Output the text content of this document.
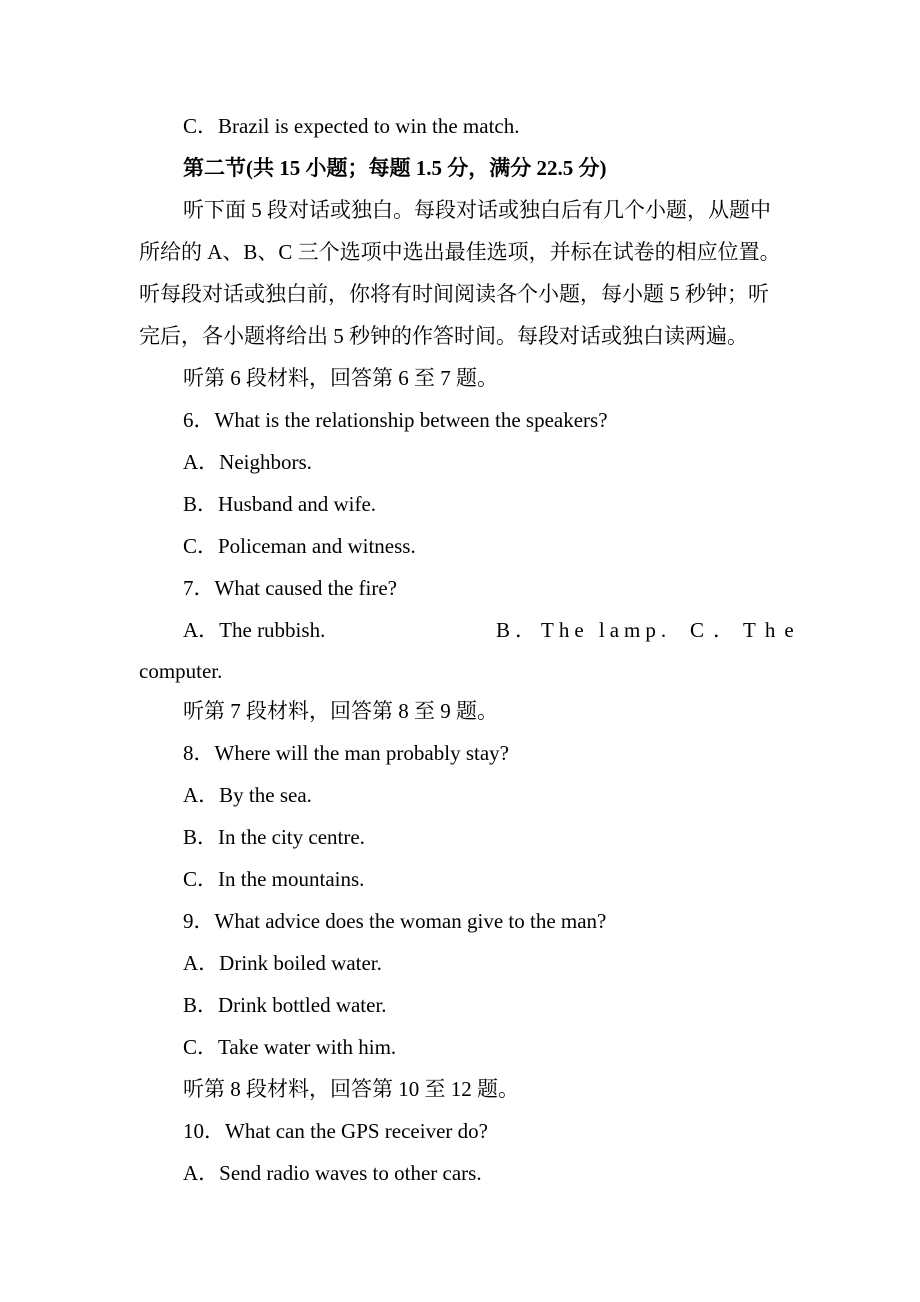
C．Brazil is expected to win the match.
第二节(共 15 小题；每题 1.5 分，满分 22.5 分)
听下面 5 段对话或独白。每段对话或独白后有几个小题，从题中
所给的 A、B、C 三个选项中选出最佳选项，并标在试卷的相应位置。
听每段对话或独白前，你将有时间阅读各个小题，每小题 5 秒钟；听
完后，各小题将给出 5 秒钟的作答时间。每段对话或独白读两遍。
听第 6 段材料，回答第 6 至 7 题。
6．What is the relationship between the speakers?
A．Neighbors.
B．Husband and wife.
C．Policeman and witness.
7．What caused the fire?
A．The rubbish.	B．The lamp. C．The
computer.
听第 7 段材料，回答第 8 至 9 题。
8．Where will the man probably stay?
A．By the sea.
B．In the city centre.
C．In the mountains.
9．What advice does the woman give to the man?
A．Drink boiled water.
B．Drink bottled water.
C．Take water with him.
听第 8 段材料，回答第 10 至 12 题。
10．What can the GPS receiver do?
A．Send radio waves to other cars.
